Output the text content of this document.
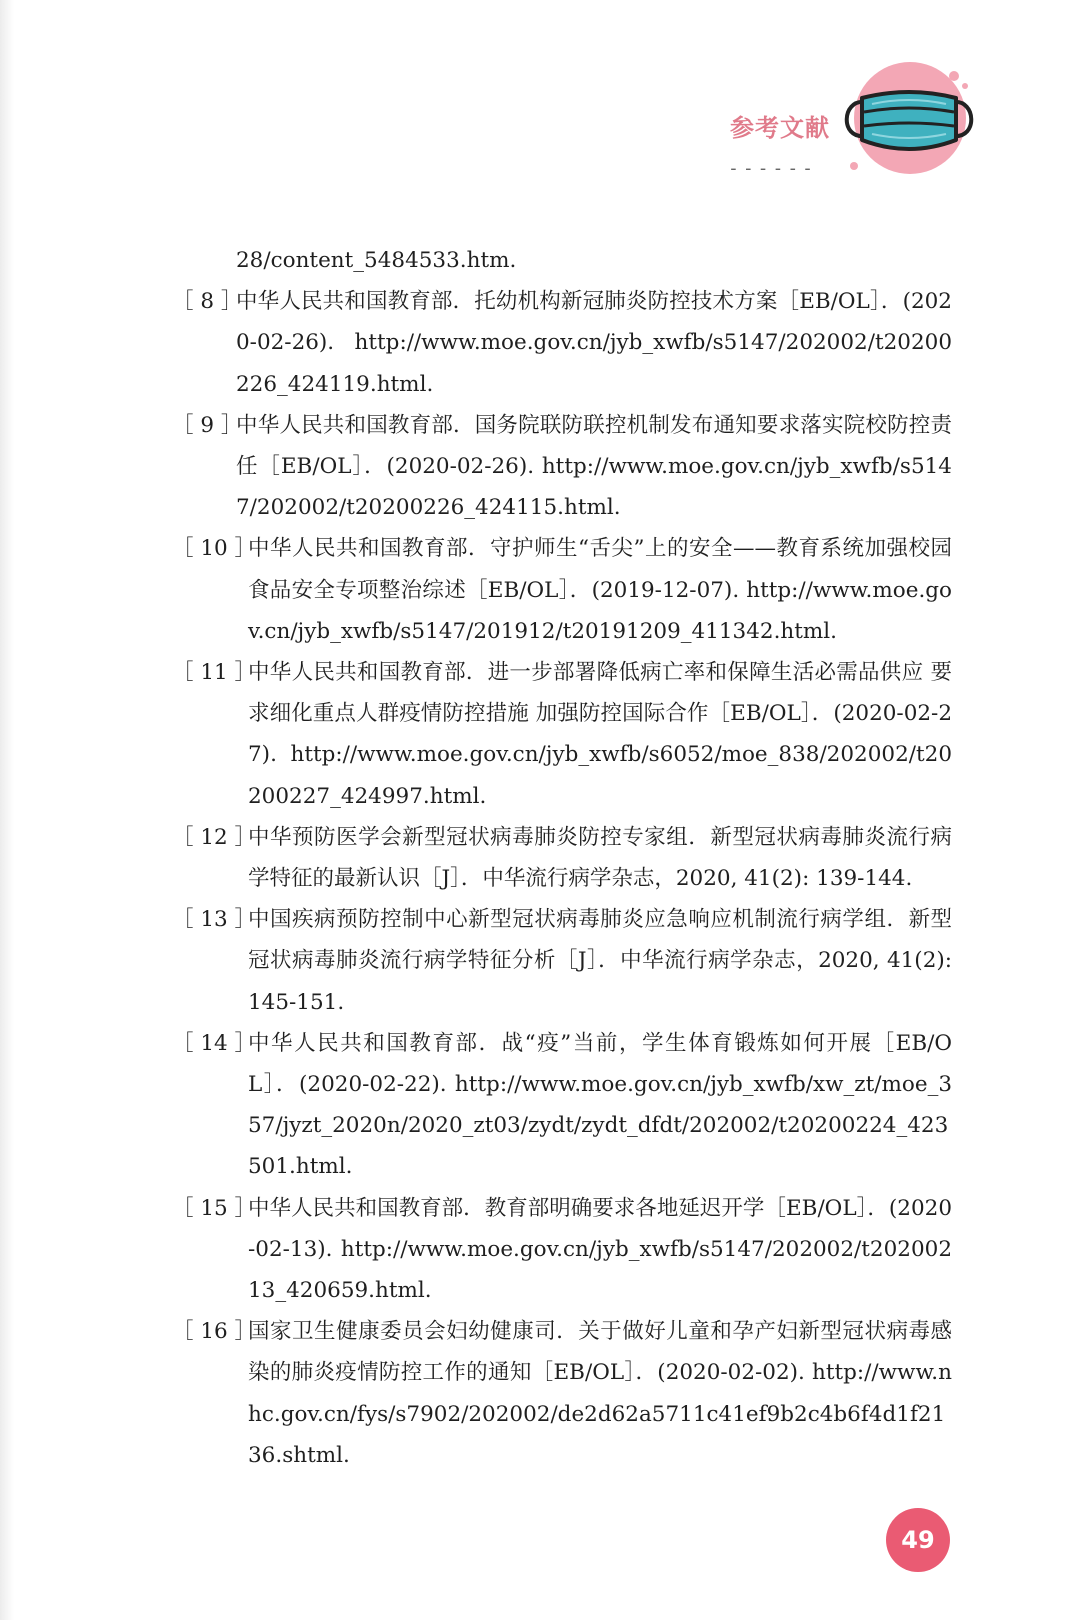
参考文献
------
28/content_5484533.htm.
［ 8 ］
中华人民共和国教育部．托幼机构新冠肺炎防控技术方案［EB/OL］．(2020-02-26). http://www.moe.gov.cn/jyb_xwfb/s5147/202002/t20200226_424119.html.
［ 9 ］
中华人民共和国教育部．国务院联防联控机制发布通知要求落实院校防控责任［EB/OL］．(2020-02-26). http://www.moe.gov.cn/jyb_xwfb/s5147/202002/t20200226_424115.html.
［ 10 ］
中华人民共和国教育部．守护师生“舌尖”上的安全——教育系统加强校园食品安全专项整治综述［EB/OL］．(2019-12-07). http://www.moe.gov.cn/jyb_xwfb/s5147/201912/t20191209_411342.html.
［ 11 ］
中华人民共和国教育部．进一步部署降低病亡率和保障生活必需品供应 要求细化重点人群疫情防控措施 加强防控国际合作［EB/OL］．(2020-02-27). http://www.moe.gov.cn/jyb_xwfb/s6052/moe_838/202002/t20200227_424997.html.
［ 12 ］
中华预防医学会新型冠状病毒肺炎防控专家组．新型冠状病毒肺炎流行病学特征的最新认识［J］．中华流行病学杂志，2020, 41(2): 139-144.
［ 13 ］
中国疾病预防控制中心新型冠状病毒肺炎应急响应机制流行病学组．新型冠状病毒肺炎流行病学特征分析［J］．中华流行病学杂志，2020, 41(2): 145-151.
［ 14 ］
中华人民共和国教育部．战“疫”当前，学生体育锻炼如何开展［EB/OL］．(2020-02-22). http://www.moe.gov.cn/jyb_xwfb/xw_zt/moe_357/jyzt_2020n/2020_zt03/zydt/zydt_dfdt/202002/t20200224_423501.html.
［ 15 ］
中华人民共和国教育部．教育部明确要求各地延迟开学［EB/OL］．(2020-02-13). http://www.moe.gov.cn/jyb_xwfb/s5147/202002/t20200213_420659.html.
［ 16 ］
国家卫生健康委员会妇幼健康司．关于做好儿童和孕产妇新型冠状病毒感染的肺炎疫情防控工作的通知［EB/OL］．(2020-02-02). http://www.nhc.gov.cn/fys/s7902/202002/de2d62a5711c41ef9b2c4b6f4d1f2136.shtml.
49
